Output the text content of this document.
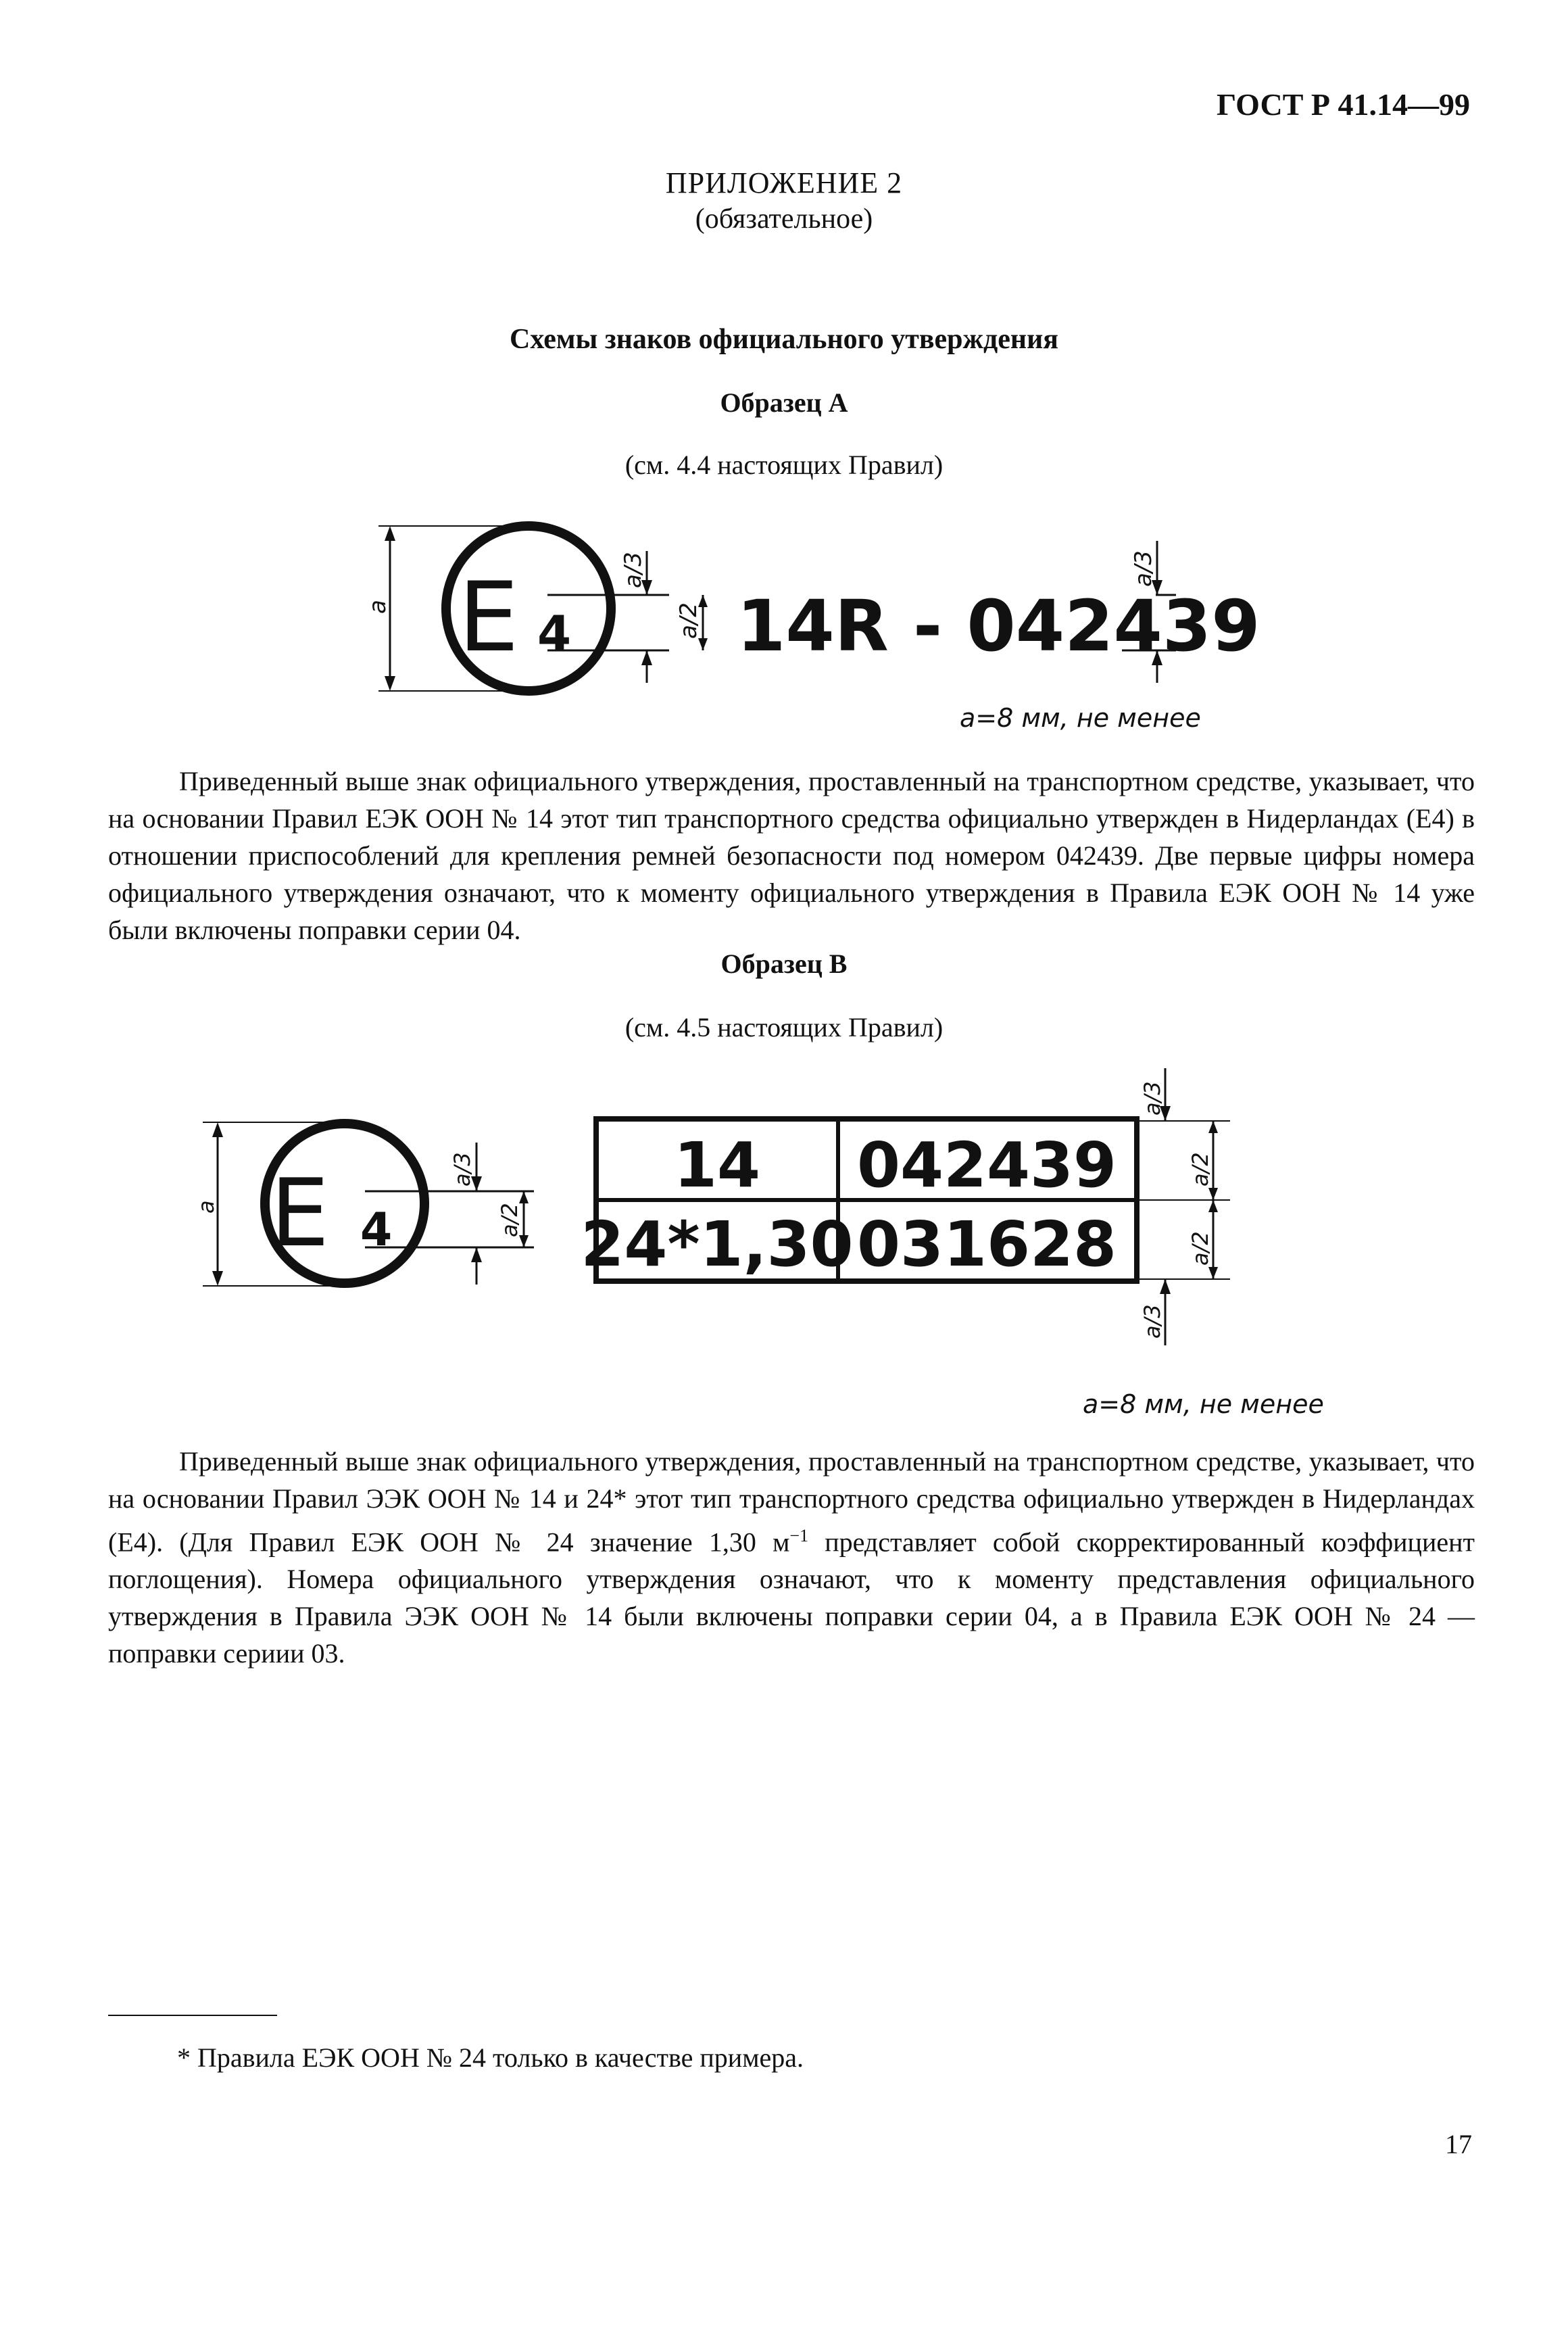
ГОСТ Р 41.14—99
ПРИЛОЖЕНИЕ 2
(обязательное)
Схемы знаков официального утверждения
Образец А
(см. 4.4 настоящих Правил)
E 4 14R - 042439
a
a/3
a/2
a/3
a=8 мм, не менее

Приведенный выше знак официального утверждения, проставленный на транспортном средстве, указывает, что на основании Правил ЕЭК ООН № 14 этот тип транспортного средства официально утвержден в Нидерландах (Е4) в отношении приспособлений для крепления ремней безопасности под номером 042439. Две первые цифры номера официального утверждения означают, что к моменту официального утверждения в Правила ЕЭК ООН № 14 уже были включены поправки серии 04.

Образец В
(см. 4.5 настоящих Правил)
E 4
14 042439
24*1,30 031628
a
a/3
a/2
a/3
a/3
a/2
a/2
a=8 мм, не менее

Приведенный выше знак официального утверждения, проставленный на транспортном средстве, указывает, что на основании Правил ЭЭК ООН № 14 и 24* этот тип транспортного средства официально утвержден в Нидерландах (Е4). (Для Правил ЕЭК ООН № 24 значение 1,30 $м^{-1}$ представляет собой скорректированный коэффициент поглощения). Номера официального утверждения означают, что к моменту представления официального утверждения в Правила ЭЭК ООН № 14 были включены поправки серии 04, а в Правила ЕЭК ООН № 24 — поправки сериии 03.

* Правила ЕЭК ООН № 24 только в качестве примера.
17
